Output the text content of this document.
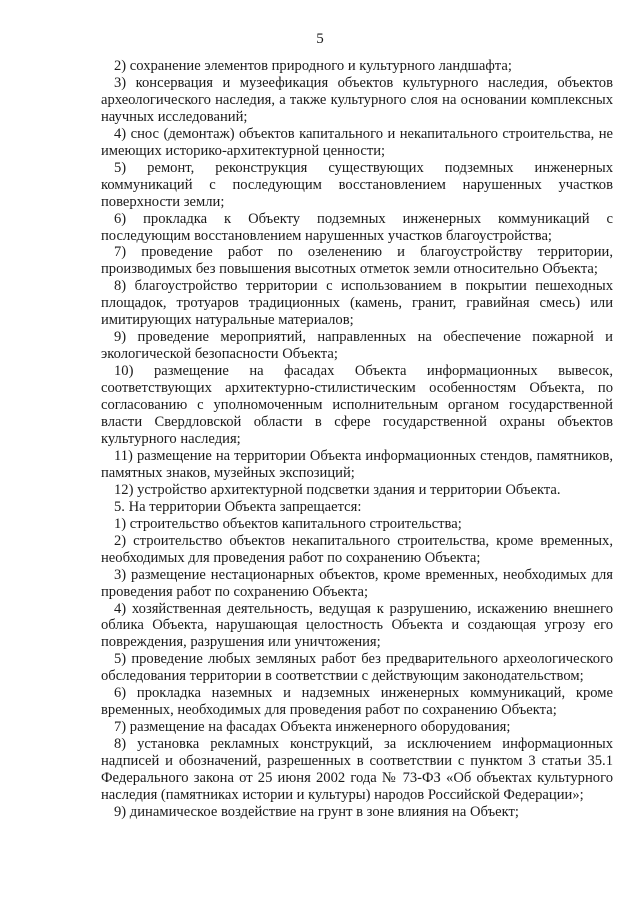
5

2) сохранение элементов природного и культурного ландшафта;

3) консервация и музеефикация объектов культурного наследия, объектов археологического наследия, а также культурного слоя на основании комплексных научных исследований;

4) снос (демонтаж) объектов капитального и некапитального строительства, не имеющих историко-архитектурной ценности;

5) ремонт, реконструкция существующих подземных инженерных коммуникаций с последующим восстановлением нарушенных участков поверхности земли;

6) прокладка к Объекту подземных инженерных коммуникаций с последующим восстановлением нарушенных участков благоустройства;

7) проведение работ по озеленению и благоустройству территории, производимых без повышения высотных отметок земли относительно Объекта;

8) благоустройство территории с использованием в покрытии пешеходных площадок, тротуаров традиционных (камень, гранит, гравийная смесь) или имитирующих натуральные материалов;

9) проведение мероприятий, направленных на обеспечение пожарной и экологической безопасности Объекта;

10) размещение на фасадах Объекта информационных вывесок, соответствующих архитектурно-стилистическим особенностям Объекта, по согласованию с уполномоченным исполнительным органом государственной власти Свердловской области в сфере государственной охраны объектов культурного наследия;

11) размещение на территории Объекта информационных стендов, памятников, памятных знаков, музейных экспозиций;

12) устройство архитектурной подсветки здания и территории Объекта.

5. На территории Объекта запрещается:

1) строительство объектов капитального строительства;

2) строительство объектов некапитального строительства, кроме временных, необходимых для проведения работ по сохранению Объекта;

3) размещение нестационарных объектов, кроме временных, необходимых для проведения работ по сохранению Объекта;

4) хозяйственная деятельность, ведущая к разрушению, искажению внешнего облика Объекта, нарушающая целостность Объекта и создающая угрозу его повреждения, разрушения или уничтожения;

5) проведение любых земляных работ без предварительного археологического обследования территории в соответствии с действующим законодательством;

6) прокладка наземных и надземных инженерных коммуникаций, кроме временных, необходимых для проведения работ по сохранению Объекта;

7) размещение на фасадах Объекта инженерного оборудования;

8) установка рекламных конструкций, за исключением информационных надписей и обозначений, разрешенных в соответствии с пунктом 3 статьи 35.1 Федерального закона от 25 июня 2002 года № 73-ФЗ «Об объектах культурного наследия (памятниках истории и культуры) народов Российской Федерации»;

9) динамическое воздействие на грунт в зоне влияния на Объект;
